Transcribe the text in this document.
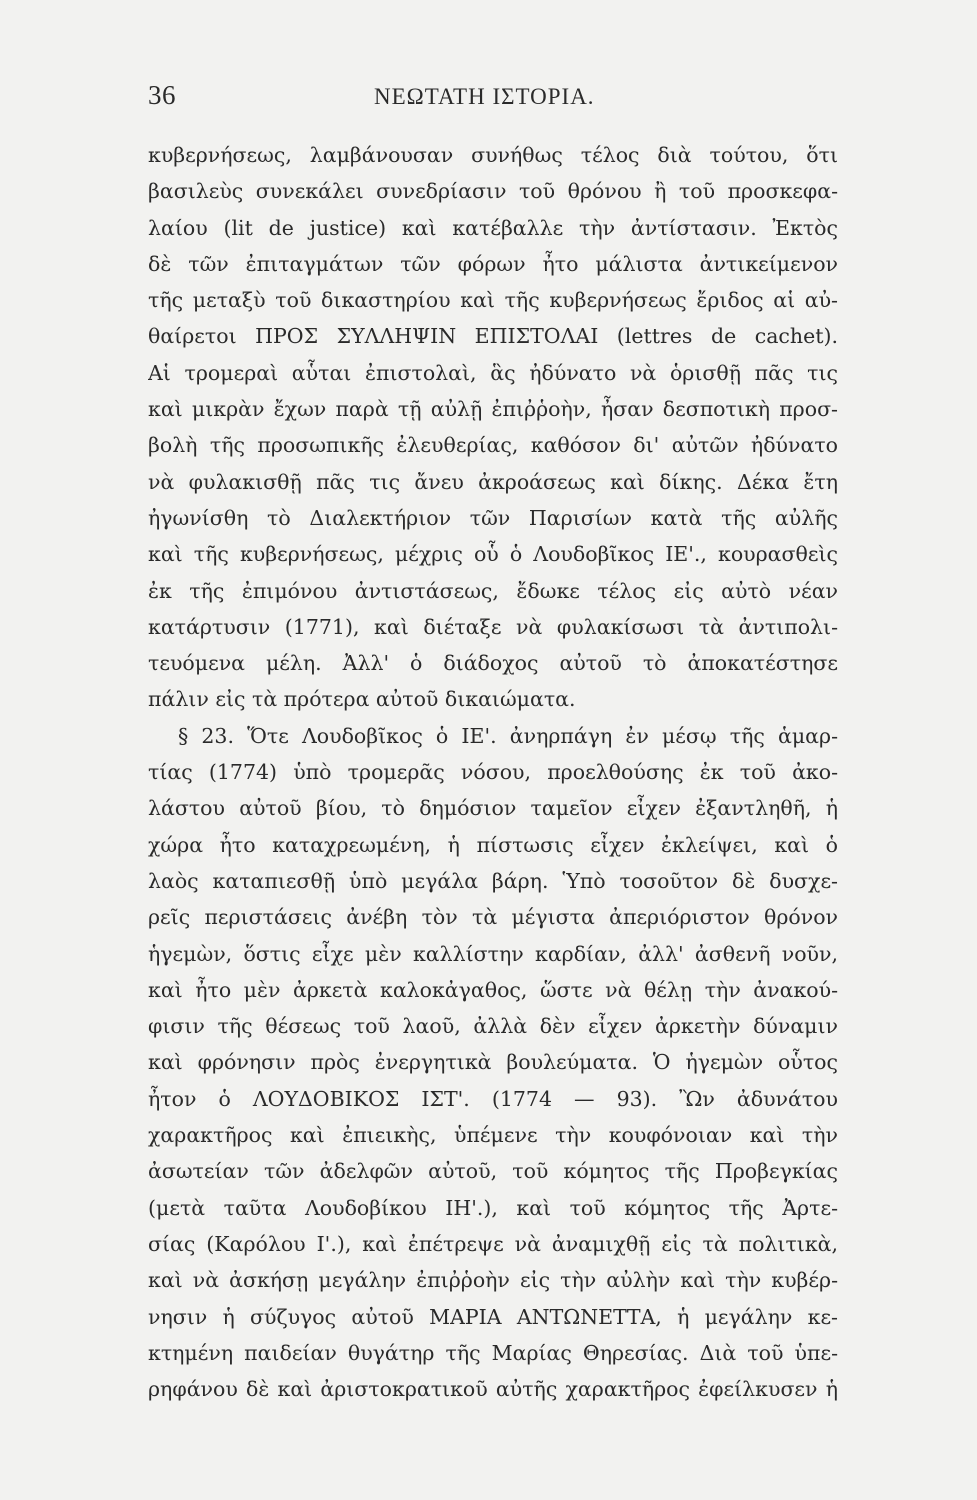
36	ΝΕΩΤΑΤΗ ΙΣΤΟΡΙΑ.
κυβερνήσεως, λαμβάνουσαν συνήθως τέλος διὰ τούτου, ὅτι
βασιλεὺς συνεκάλει συνεδρίασιν τοῦ θρόνου ἢ τοῦ προσκεφα-
λαίου (lit de justice) καὶ κατέβαλλε τὴν ἀντίστασιν. Ἐκτὸς
δὲ τῶν ἐπιταγμάτων τῶν φόρων ἦτο μάλιστα ἀντικείμενον
τῆς μεταξὺ τοῦ δικαστηρίου καὶ τῆς κυβερνήσεως ἔριδος αἱ αὐ-
θαίρετοι ΠΡΟΣ ΣΥΛΛΗΨΙΝ ΕΠΙΣΤΟΛΑΙ (lettres de cachet).
Αἱ τρομεραὶ αὗται ἐπιστολαὶ, ἃς ἠδύνατο νὰ ὁρισθῇ πᾶς τις
καὶ μικρὰν ἔχων παρὰ τῇ αὐλῇ ἐπιῤῥοὴν, ἦσαν δεσποτικὴ προσ-
βολὴ τῆς προσωπικῆς ἐλευθερίας, καθόσον δι' αὐτῶν ἠδύνατο
νὰ φυλακισθῇ πᾶς τις ἄνευ ἀκροάσεως καὶ δίκης. Δέκα ἔτη
ἠγωνίσθη τὸ Διαλεκτήριον τῶν Παρισίων κατὰ τῆς αὐλῆς
καὶ τῆς κυβερνήσεως, μέχρις οὗ ὁ Λουδοβῖκος ΙΕ'., κουρασθεὶς
ἐκ τῆς ἐπιμόνου ἀντιστάσεως, ἔδωκε τέλος εἰς αὐτὸ νέαν
κατάρτυσιν (1771), καὶ διέταξε νὰ φυλακίσωσι τὰ ἀντιπολι-
τευόμενα μέλη. Ἀλλ' ὁ διάδοχος αὐτοῦ τὸ ἀποκατέστησε
πάλιν εἰς τὰ πρότερα αὐτοῦ δικαιώματα.
§ 23. Ὅτε Λουδοβῖκος ὁ ΙΕ'. ἀνηρπάγη ἐν μέσῳ τῆς ἁμαρ-
τίας (1774) ὑπὸ τρομερᾶς νόσου, προελθούσης ἐκ τοῦ ἀκο-
λάστου αὐτοῦ βίου, τὸ δημόσιον ταμεῖον εἶχεν ἐξαντληθῆ, ἡ
χώρα ἦτο καταχρεωμένη, ἡ πίστωσις εἶχεν ἐκλείψει, καὶ ὁ
λαὸς καταπιεσθῇ ὑπὸ μεγάλα βάρη. Ὑπὸ τοσοῦτον δὲ δυσχε-
ρεῖς περιστάσεις ἀνέβη τὸν τὰ μέγιστα ἀπεριόριστον θρόνον
ἡγεμὼν, ὅστις εἶχε μὲν καλλίστην καρδίαν, ἀλλ' ἀσθενῆ νοῦν,
καὶ ἦτο μὲν ἀρκετὰ καλοκἀγαθος, ὥστε νὰ θέλῃ τὴν ἀνακού-
φισιν τῆς θέσεως τοῦ λαοῦ, ἀλλὰ δὲν εἶχεν ἀρκετὴν δύναμιν
καὶ φρόνησιν πρὸς ἐνεργητικὰ βουλεύματα. Ὁ ἡγεμὼν οὗτος
ἦτον ὁ ΛΟΥΔΟΒΙΚΟΣ ΙΣΤ'. (1774 — 93). Ὢν ἀδυνάτου
χαρακτῆρος καὶ ἐπιεικὴς, ὑπέμενε τὴν κουφόνοιαν καὶ τὴν
ἀσωτείαν τῶν ἀδελφῶν αὐτοῦ, τοῦ κόμητος τῆς Προβεγκίας
(μετὰ ταῦτα Λουδοβίκου ΙΗ'.), καὶ τοῦ κόμητος τῆς Ἀρτε-
σίας (Καρόλου Ι'.), καὶ ἐπέτρεψε νὰ ἀναμιχθῇ εἰς τὰ πολιτικὰ,
καὶ νὰ ἀσκήσῃ μεγάλην ἐπιῤῥοὴν εἰς τὴν αὐλὴν καὶ τὴν κυβέρ-
νησιν ἡ σύζυγος αὐτοῦ ΜΑΡΙΑ ΑΝΤΩΝΕΤΤΑ, ἡ μεγάλην κε-
κτημένη παιδείαν θυγάτηρ τῆς Μαρίας Θηρεσίας. Διὰ τοῦ ὑπε-
ρηφάνου δὲ καὶ ἀριστοκρατικοῦ αὐτῆς χαρακτῆρος ἐφείλκυσεν ἡ
